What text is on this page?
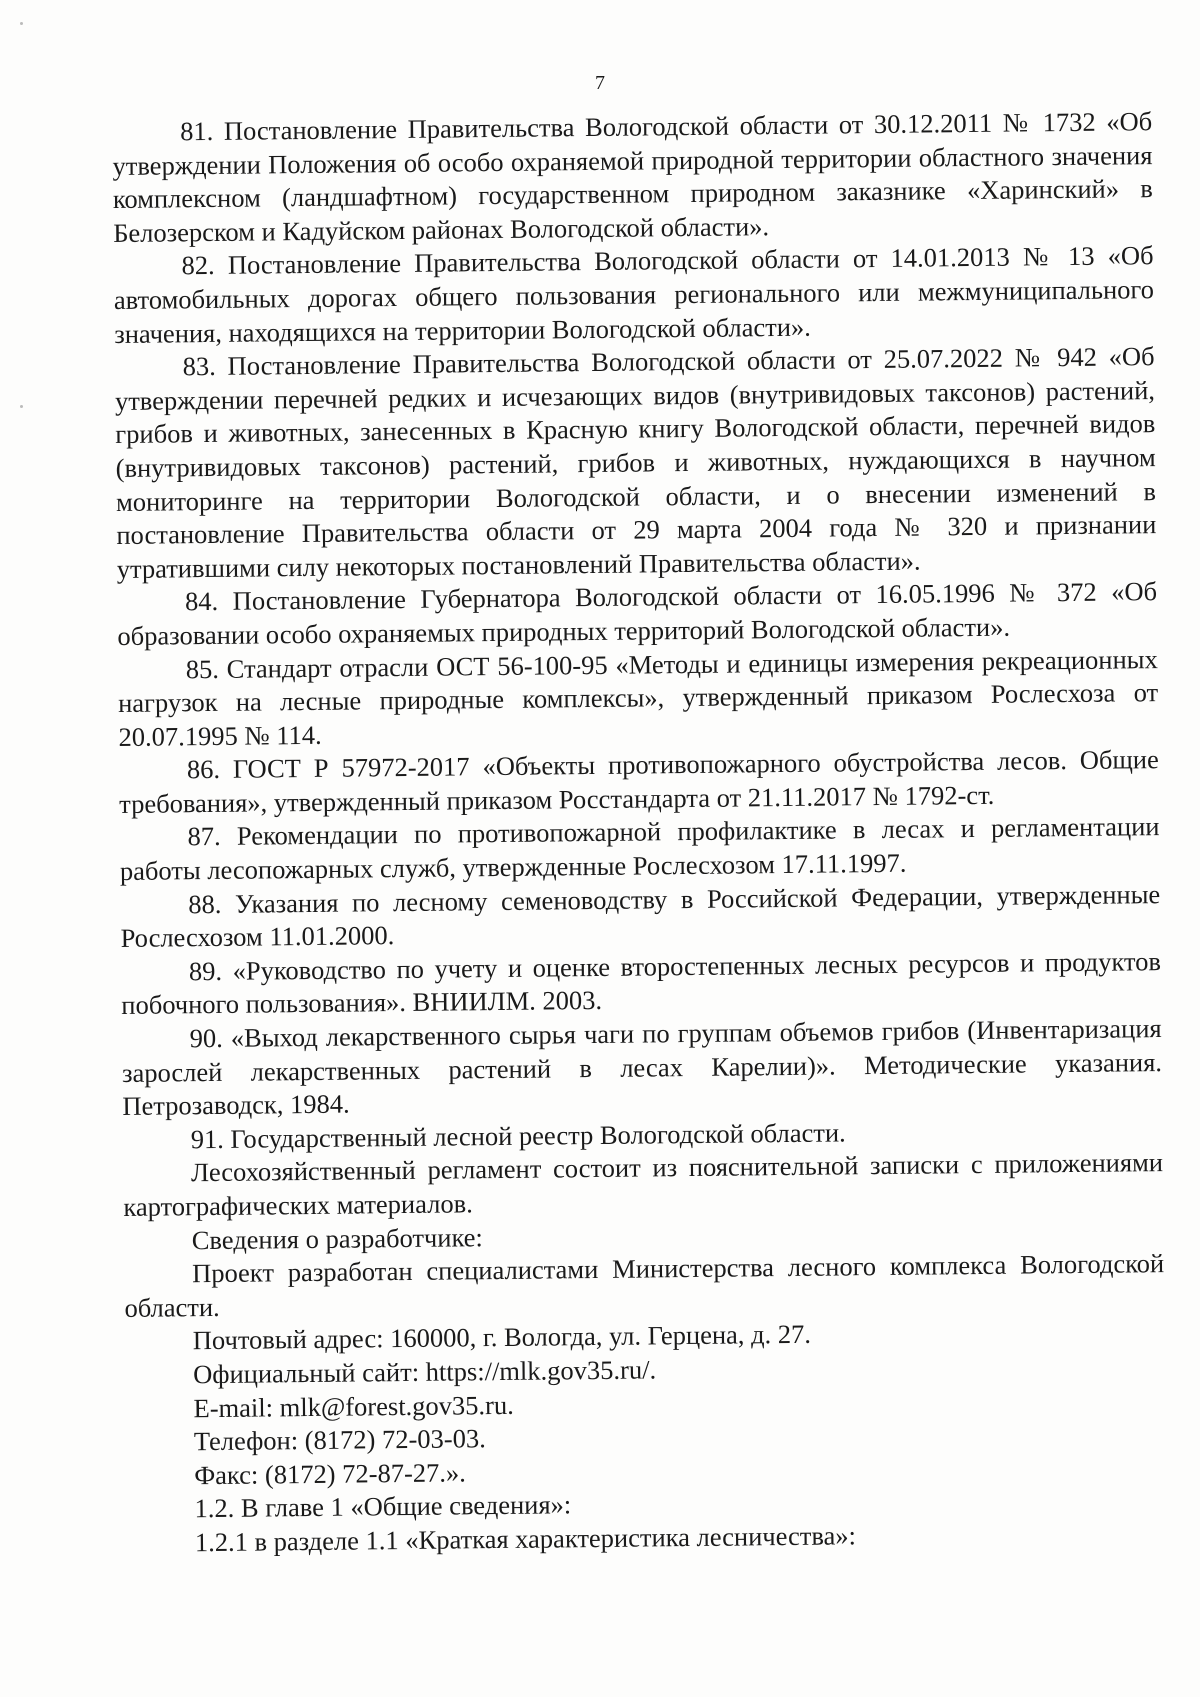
7

81. Постановление Правительства Вологодской области от 30.12.2011 № 1732 «Об утверждении Положения об особо охраняемой природной территории областного значения комплексном (ландшафтном) государственном природном заказнике «Харинский» в Белозерском и Кадуйском районах Вологодской области».

82. Постановление Правительства Вологодской области от 14.01.2013 № 13 «Об автомобильных дорогах общего пользования регионального или межмуниципального значения, находящихся на территории Вологодской области».

83. Постановление Правительства Вологодской области от 25.07.2022 № 942 «Об утверждении перечней редких и исчезающих видов (внутривидовых таксонов) растений, грибов и животных, занесенных в Красную книгу Вологодской области, перечней видов (внутривидовых таксонов) растений, грибов и животных, нуждающихся в научном мониторинге на территории Вологодской области, и о внесении изменений в постановление Правительства области от 29 марта 2004 года № 320 и признании утратившими силу некоторых постановлений Правительства области».

84. Постановление Губернатора Вологодской области от 16.05.1996 № 372 «Об образовании особо охраняемых природных территорий Вологодской области».

85. Стандарт отрасли ОСТ 56-100-95 «Методы и единицы измерения рекреационных нагрузок на лесные природные комплексы», утвержденный приказом Рослесхоза от 20.07.1995 № 114.

86. ГОСТ Р 57972-2017 «Объекты противопожарного обустройства лесов. Общие требования», утвержденный приказом Росстандарта от 21.11.2017 № 1792-ст.

87. Рекомендации по противопожарной профилактике в лесах и регламентации работы лесопожарных служб, утвержденные Рослесхозом 17.11.1997.

88. Указания по лесному семеноводству в Российской Федерации, утвержденные Рослесхозом 11.01.2000.

89. «Руководство по учету и оценке второстепенных лесных ресурсов и продуктов побочного пользования». ВНИИЛМ. 2003.

90. «Выход лекарственного сырья чаги по группам объемов грибов (Инвентаризация зарослей лекарственных растений в лесах Карелии)». Методические указания. Петрозаводск, 1984.

91. Государственный лесной реестр Вологодской области.

Лесохозяйственный регламент состоит из пояснительной записки с приложениями картографических материалов.

Сведения о разработчике:

Проект разработан специалистами Министерства лесного комплекса Вологодской области.

Почтовый адрес: 160000, г. Вологда, ул. Герцена, д. 27.

Официальный сайт: https://mlk.gov35.ru/.

E-mail: mlk@forest.gov35.ru.

Телефон: (8172) 72-03-03.

Факс: (8172) 72-87-27.».

1.2. В главе 1 «Общие сведения»:

1.2.1 в разделе 1.1 «Краткая характеристика лесничества»:
